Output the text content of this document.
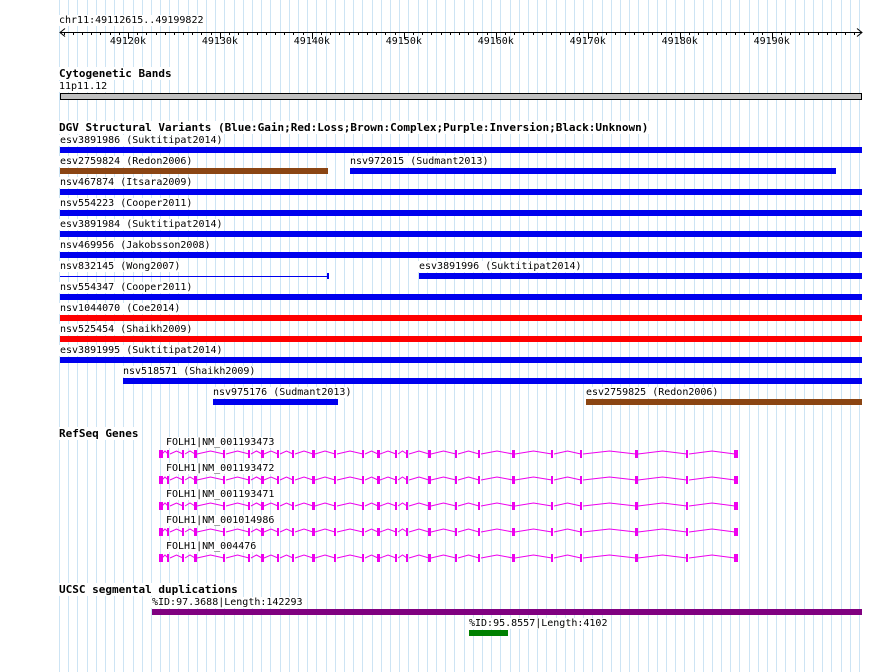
chr11:49112615..49199822
49120k	49130k	49140k	49150k	49160k	49170k	49180k	49190k
Cytogenetic Bands
11p11.12
DGV Structural Variants (Blue:Gain;Red:Loss;Brown:Complex;Purple:Inversion;Black:Unknown)
esv3891986 (Suktitipat2014)
esv2759824 (Redon2006)	nsv972015 (Sudmant2013)
nsv467874 (Itsara2009)
nsv554223 (Cooper2011)
esv3891984 (Suktitipat2014)
nsv469956 (Jakobsson2008)
nsv832145 (Wong2007)	esv3891996 (Suktitipat2014)
nsv554347 (Cooper2011)
nsv1044070 (Coe2014)
nsv525454 (Shaikh2009)
esv3891995 (Suktitipat2014)
nsv518571 (Shaikh2009)
nsv975176 (Sudmant2013)	esv2759825 (Redon2006)
RefSeq Genes
FOLH1|NM_001193473
FOLH1|NM_001193472
FOLH1|NM_001193471
FOLH1|NM_001014986
FOLH1|NM_004476
UCSC segmental duplications
%ID:97.3688|Length:142293
%ID:95.8557|Length:4102
